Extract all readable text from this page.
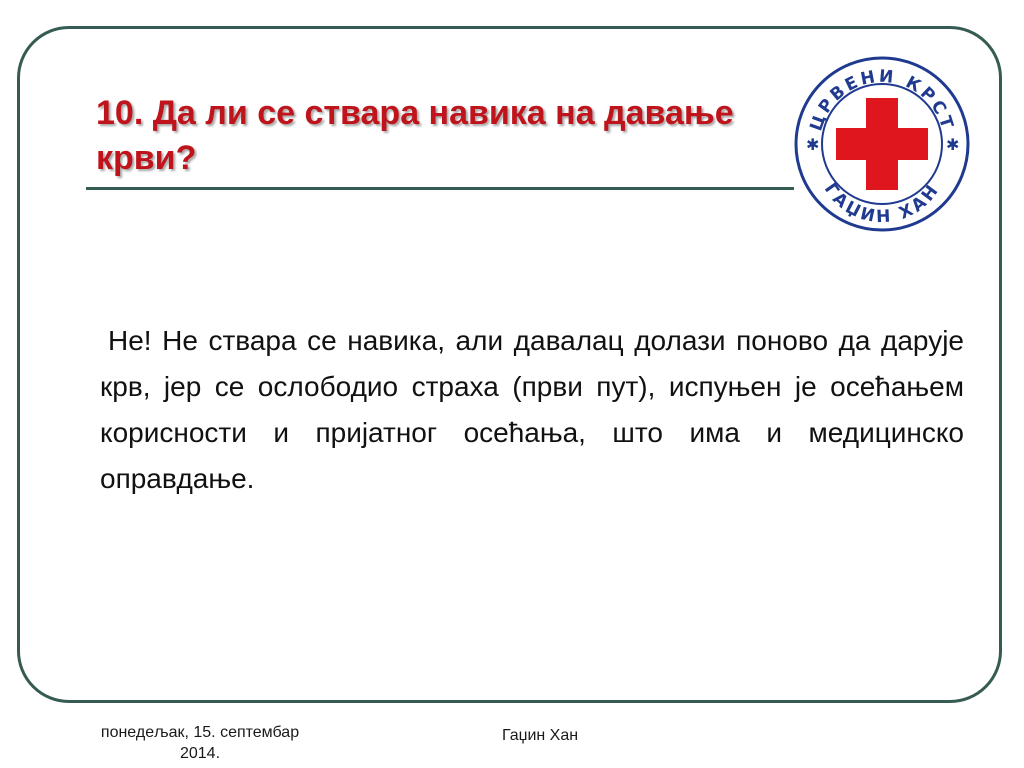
10. Да ли се ствара навика на давање крви?
ЦРВЕНИ КРСТ
ГАЏИН ХАН
✱	✱

Не! Не ствара се навика, али давалац долази поново да дарује крв, јер се ослободио страха (први пут), испуњен је осећањем корисности и пријатног осећања, што има и медицинско оправдање.

понедељак, 15. септембар 2014.
Гаџин Хан
